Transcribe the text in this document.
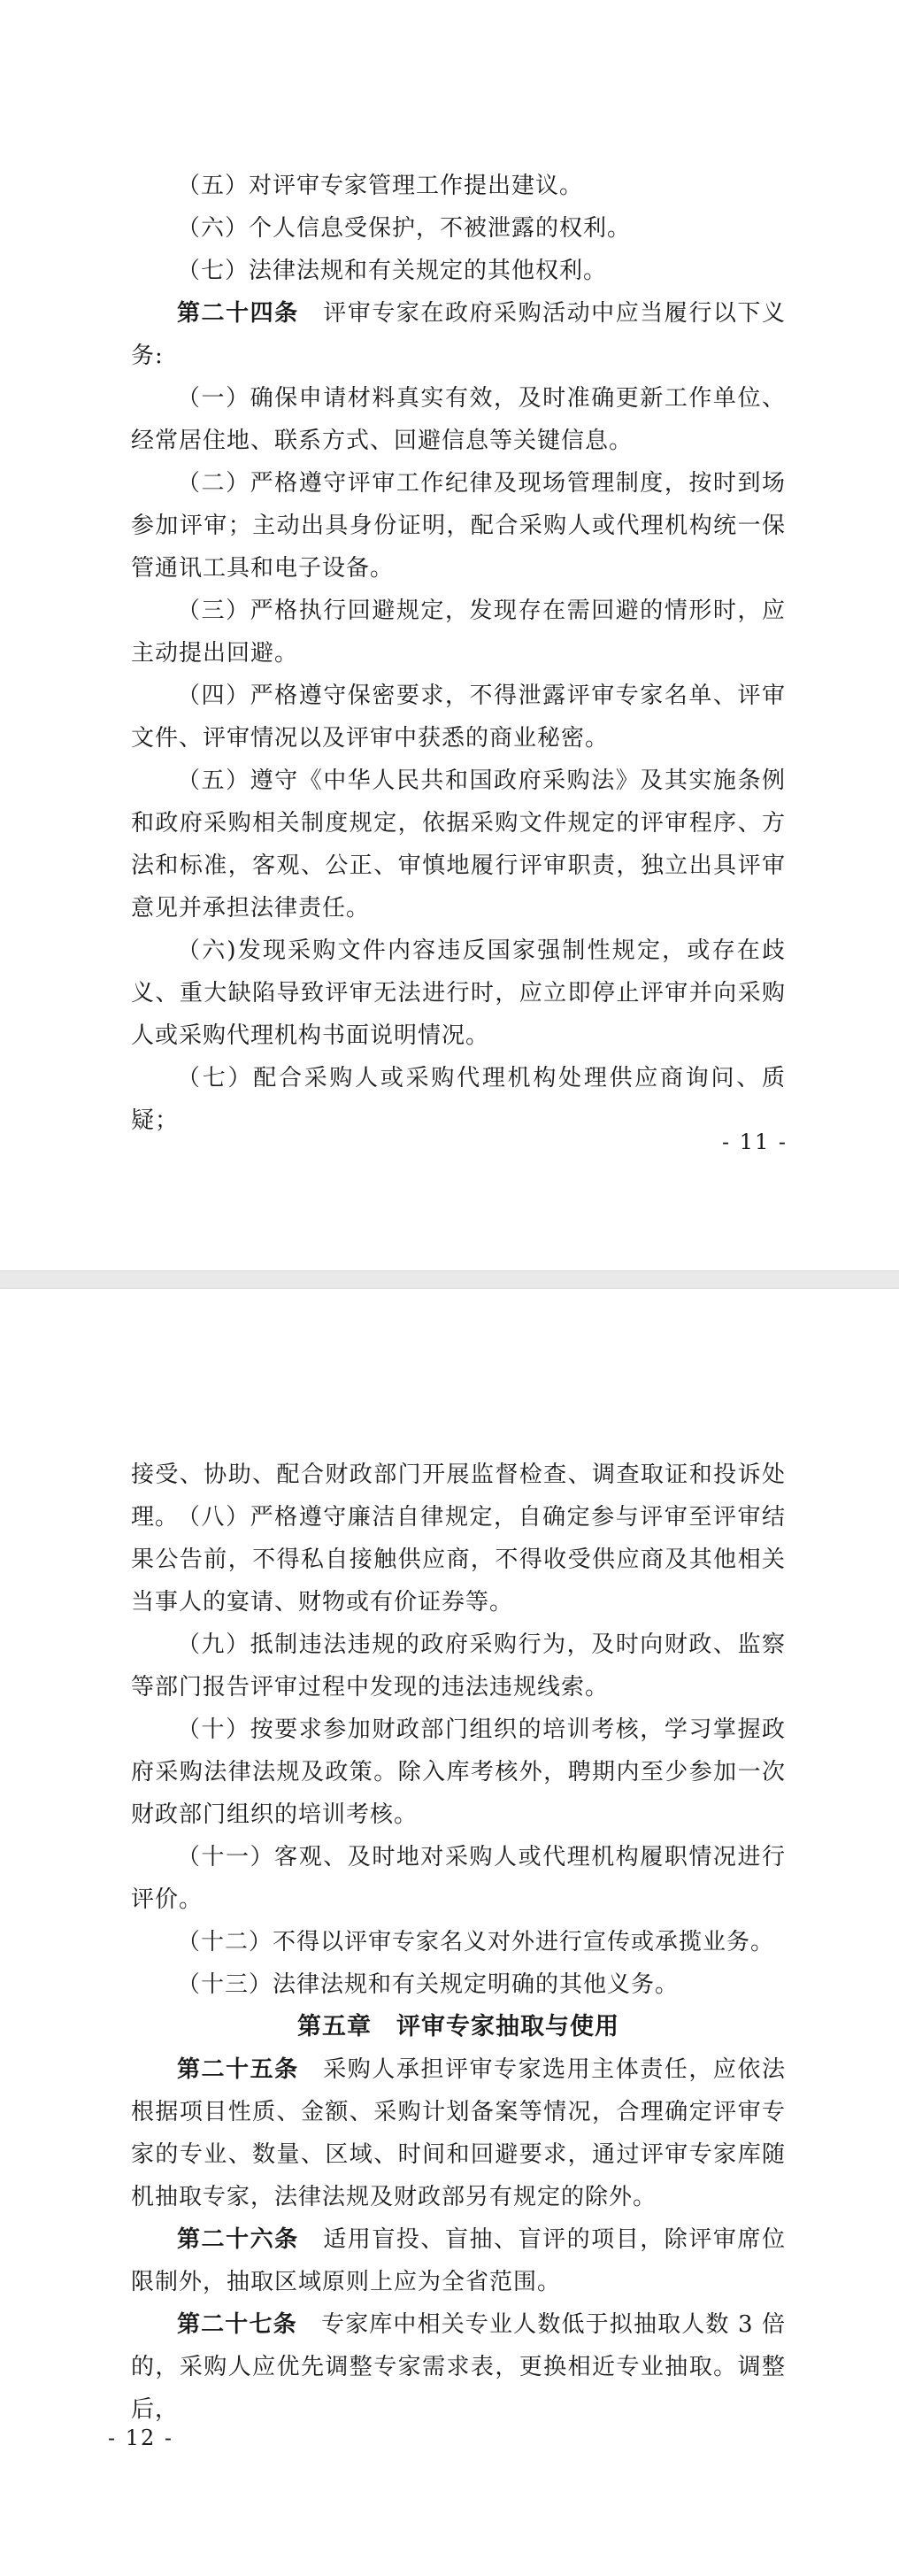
（五）对评审专家管理工作提出建议。

（六）个人信息受保护，不被泄露的权利。

（七）法律法规和有关规定的其他权利。

第二十四条　 评审专家在政府采购活动中应当履行以下义务:

（一）确保申请材料真实有效，及时准确更新工作单位、经常居住地、联系方式、回避信息等关键信息。

（二）严格遵守评审工作纪律及现场管理制度，按时到场参加评审；主动出具身份证明，配合采购人或代理机构统一保管通讯工具和电子设备。

（三）严格执行回避规定，发现存在需回避的情形时，应主动提出回避。

（四）严格遵守保密要求，不得泄露评审专家名单、评审文件、评审情况以及评审中获悉的商业秘密。

（五）遵守《中华人民共和国政府采购法》及其实施条例和政府采购相关制度规定，依据采购文件规定的评审程序、方法和标准，客观、公正、审慎地履行评审职责，独立出具评审意见并承担法律责任。

（六)发现采购文件内容违反国家强制性规定，或存在歧义、重大缺陷导致评审无法进行时，应立即停止评审并向采购人或采购代理机构书面说明情况。

（七）配合采购人或采购代理机构处理供应商询问、质疑；

- 11 -

接受、协助、配合财政部门开展监督检查、调查取证和投诉处理。

（八）严格遵守廉洁自律规定，自确定参与评审至评审结果公告前，不得私自接触供应商，不得收受供应商及其他相关当事人的宴请、财物或有价证券等。

（九）抵制违法违规的政府采购行为，及时向财政、监察等部门报告评审过程中发现的违法违规线索。

（十）按要求参加财政部门组织的培训考核，学习掌握政府采购法律法规及政策。除入库考核外，聘期内至少参加一次财政部门组织的培训考核。

（十一）客观、及时地对采购人或代理机构履职情况进行评价。

（十二）不得以评审专家名义对外进行宣传或承揽业务。

（十三）法律法规和有关规定明确的其他义务。

第五章　评审专家抽取与使用

第二十五条　 采购人承担评审专家选用主体责任，应依法根据项目性质、金额、采购计划备案等情况，合理确定评审专家的专业、数量、区域、时间和回避要求，通过评审专家库随机抽取专家，法律法规及财政部另有规定的除外。

第二十六条　 适用盲投、盲抽、盲评的项目，除评审席位限制外，抽取区域原则上应为全省范围。

第二十七条　 专家库中相关专业人数低于拟抽取人数 3 倍的，采购人应优先调整专家需求表，更换相近专业抽取。调整后，

- 12 -
